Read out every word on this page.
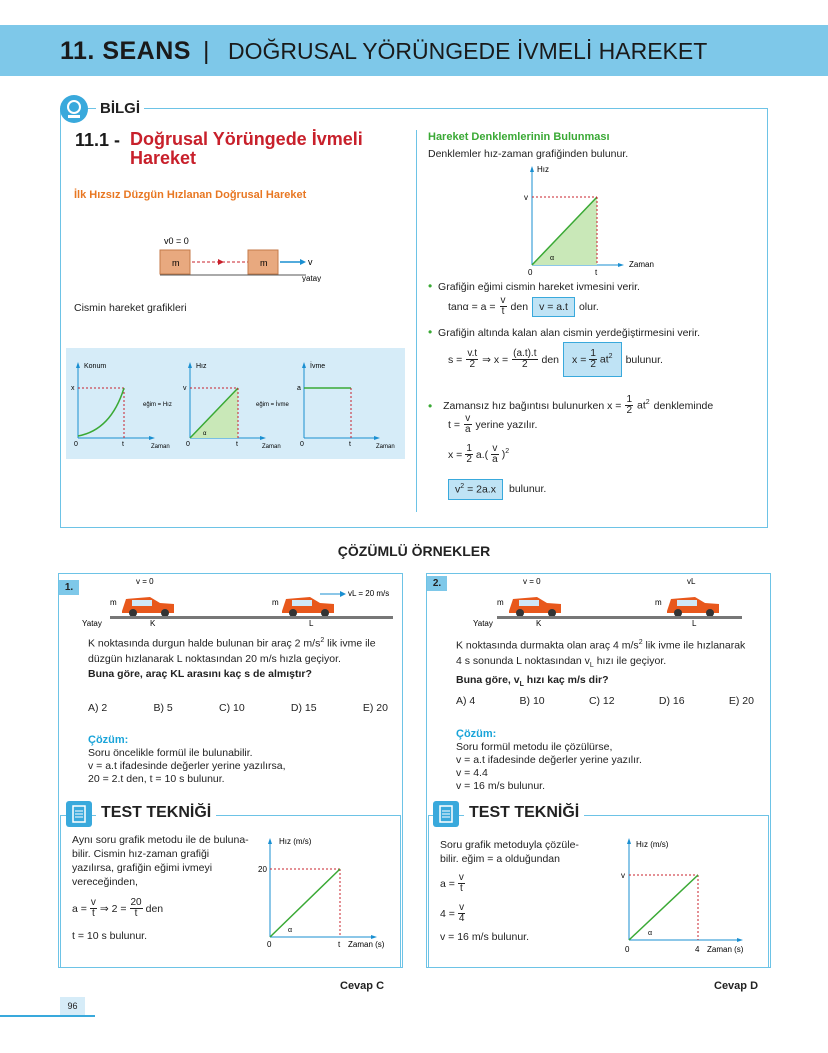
11. SEANS | DOĞRUSAL YÖRÜNGEDE İVMELİ HAREKET
BİLGİ
11.1 - Doğrusal Yörüngede İvmeli Hareket
İlk Hızsız Düzgün Hızlanan Doğrusal Hareket
v0 = 0
m	m	v
yatay
Cismin hareket grafikleri
Konum
x
0	t	Zaman
eğim = Hız
Hız
v
α
0	t	Zaman
eğim = İvme
İvme
a
0	t	Zaman
Hareket Denklemlerinin Bulunması
Denklemler hız-zaman grafiğinden bulunur.
Hız
v
α
0	t
Zaman
• Grafiğin eğimi cismin hareket ivmesini verir.
$\tan\alpha = a = \frac{v}{t}$ den	v = a.t	olur.
• Grafiğin altında kalan alan cismin yerdeğiştirmesini verir.
$s = \frac{v.t}{2}$ ⇒ $x = \frac{(a.t).t}{2}$ den $x = \frac{1}{2} at^2$ bulunur.
•
Zamansız hız bağıntısı bulunurken $x = \frac{1}{2} at^2$ denkleminde
$t = \frac{v}{a}$ yerine yazılır.
$x = \frac{1}{2} a.( \frac{v}{a} )^2$
$v^2 = 2a.x$	bulunur.
ÇÖZÜMLÜ ÖRNEKLER
1.
v = 0
m	m
vL = 20 m/s
Yatay	K	L
K noktasında durgun halde bulunan bir araç 2 $m/s^2$ lik ivme ile
düzgün hızlanarak L noktasından 20 m/s hızla geçiyor.
Buna göre, araç KL arasını kaç s de almıştır?
A) 2	B) 5	C) 10	D) 15	E) 20
Çözüm:
Soru öncelikle formül ile bulunabilir.
v = a.t ifadesinde değerler yerine yazılırsa,
20 = 2.t den, t = 10 s bulunur.
TEST TEKNİĞİ
Aynı soru grafik metodu ile de buluna-
bilir. Cismin hız-zaman grafiği
yazılırsa, grafiğin eğimi ivmeyi
vereceğinden,
$a = \frac{v}{t}$ ⇒ $2 = \frac{20}{t}$ den
t = 10 s bulunur.
Hız (m/s)
20
α
0	t Zaman (s)
Cevap C
2.	v = 0
m
vL
m
Yatay	K	L
K noktasında durmakta olan araç 4 $m/s^2$ lik ivme ile hızlanarak
4 s sonunda L noktasından $v_L$ hızı ile geçiyor.
Buna göre, $v_L$ hızı kaç m/s dir?
A) 4	B) 10	C) 12	D) 16	E) 20
Çözüm:
Soru formül metodu ile çözülürse,
v = a.t ifadesinde değerler yerine yazılır.
v = 4.4
v = 16 m/s bulunur.
TEST TEKNİĞİ
Soru grafik metoduyla çözüle-
bilir. eğim = a olduğundan
$a = \frac{v}{t}$
$4 = \frac{v}{4}$
v = 16 m/s bulunur.
Hız (m/s)
v
α
0	4 Zaman (s)
Cevap D
96
